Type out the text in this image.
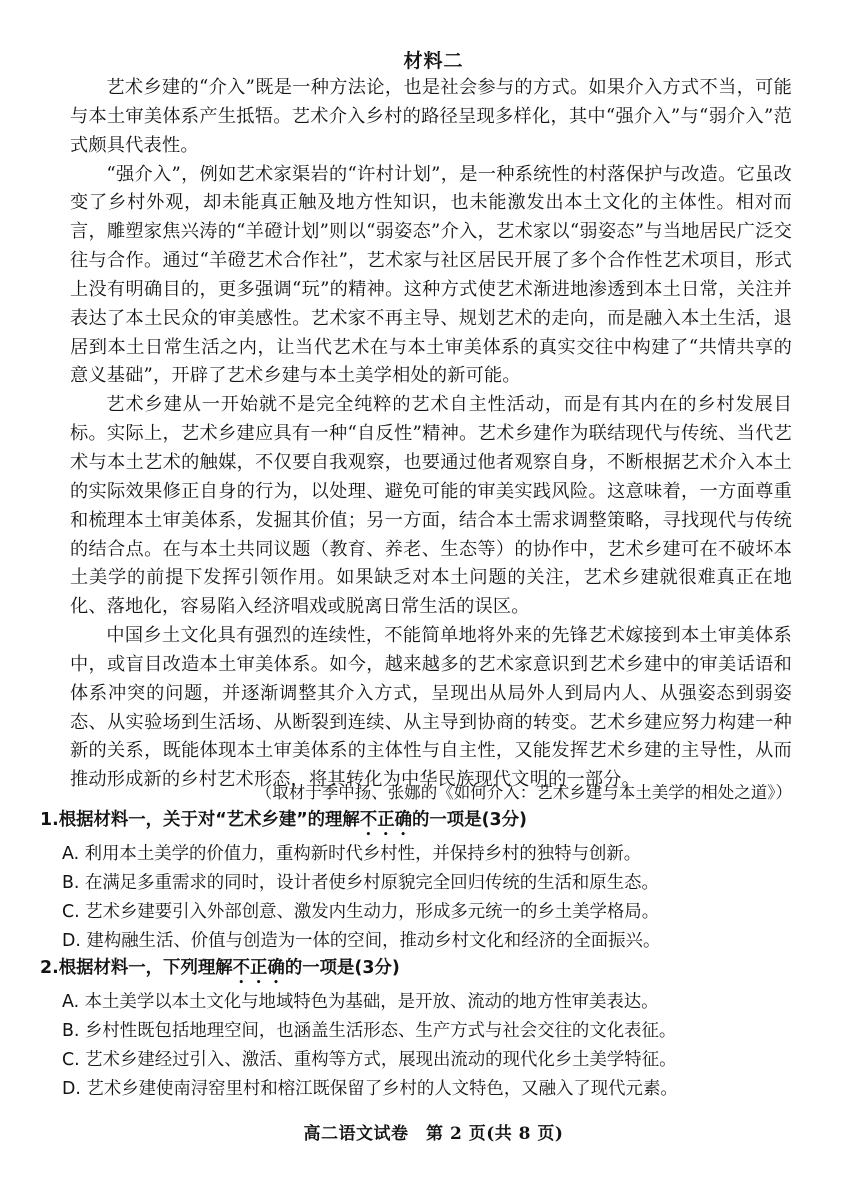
材料二

艺术乡建的“介入”既是一种方法论，也是社会参与的方式。如果介入方式不当，可能与本土审美体系产生抵牾。艺术介入乡村的路径呈现多样化，其中“强介入”与“弱介入”范式颇具代表性。

“强介入”，例如艺术家渠岩的“许村计划”，是一种系统性的村落保护与改造。它虽改变了乡村外观，却未能真正触及地方性知识，也未能激发出本土文化的主体性。相对而言，雕塑家焦兴涛的“羊磴计划”则以“弱姿态”介入，艺术家以“弱姿态”与当地居民广泛交往与合作。通过“羊磴艺术合作社”，艺术家与社区居民开展了多个合作性艺术项目，形式上没有明确目的，更多强调“玩”的精神。这种方式使艺术渐进地渗透到本土日常，关注并表达了本土民众的审美感性。艺术家不再主导、规划艺术的走向，而是融入本土生活，退居到本土日常生活之内，让当代艺术在与本土审美体系的真实交往中构建了“共情共享的意义基础”，开辟了艺术乡建与本土美学相处的新可能。

艺术乡建从一开始就不是完全纯粹的艺术自主性活动，而是有其内在的乡村发展目标。实际上，艺术乡建应具有一种“自反性”精神。艺术乡建作为联结现代与传统、当代艺术与本土艺术的触媒，不仅要自我观察，也要通过他者观察自身，不断根据艺术介入本土的实际效果修正自身的行为，以处理、避免可能的审美实践风险。这意味着，一方面尊重和梳理本土审美体系，发掘其价值；另一方面，结合本土需求调整策略，寻找现代与传统的结合点。在与本土共同议题（教育、养老、生态等）的协作中，艺术乡建可在不破坏本土美学的前提下发挥引领作用。如果缺乏对本土问题的关注，艺术乡建就很难真正在地化、落地化，容易陷入经济唱戏或脱离日常生活的误区。

中国乡土文化具有强烈的连续性，不能简单地将外来的先锋艺术嫁接到本土审美体系中，或盲目改造本土审美体系。如今，越来越多的艺术家意识到艺术乡建中的审美话语和体系冲突的问题，并逐渐调整其介入方式，呈现出从局外人到局内人、从强姿态到弱姿态、从实验场到生活场、从断裂到连续、从主导到协商的转变。艺术乡建应努力构建一种新的关系，既能体现本土审美体系的主体性与自主性，又能发挥艺术乡建的主导性，从而推动形成新的乡村艺术形态，将其转化为中华民族现代文明的一部分。

（取材于季中扬、张娜的《如何介入：艺术乡建与本土美学的相处之道》）
1.根据材料一，关于对“艺术乡建”的理解不正确的一项是(3分)
A. 利用本土美学的价值力，重构新时代乡村性，并保持乡村的独特与创新。
B. 在满足多重需求的同时，设计者使乡村原貌完全回归传统的生活和原生态。
C. 艺术乡建要引入外部创意、激发内生动力，形成多元统一的乡土美学格局。
D. 建构融生活、价值与创造为一体的空间，推动乡村文化和经济的全面振兴。
2.根据材料一，下列理解不正确的一项是(3分)
A. 本土美学以本土文化与地域特色为基础，是开放、流动的地方性审美表达。
B. 乡村性既包括地理空间，也涵盖生活形态、生产方式与社会交往的文化表征。
C. 艺术乡建经过引入、激活、重构等方式，展现出流动的现代化乡土美学特征。
D. 艺术乡建使南浔窑里村和榕江既保留了乡村的人文特色，又融入了现代元素。
高二语文试卷　第 2 页(共 8 页)
